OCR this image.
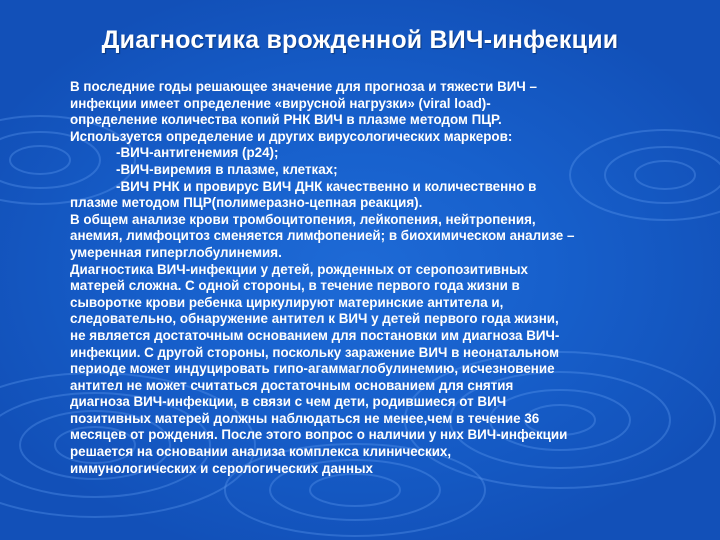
Диагностика врожденной ВИЧ-инфекции
В последние годы решающее значение для прогноза и тяжести ВИЧ –
инфекции имеет определение «вирусной нагрузки» (viral load)-
определение количества копий РНК ВИЧ в плазме методом ПЦР.
Используется определение и других вирусологических маркеров:
-ВИЧ-антигенемия (р24);
-ВИЧ-виремия в плазме, клетках;
-ВИЧ РНК и провирус ВИЧ ДНК качественно и количественно в
плазме методом ПЦР(полимеразно-цепная реакция).
В общем анализе крови тромбоцитопения, лейкопения, нейтропения,
анемия, лимфоцитоз сменяется лимфопенией; в биохимическом анализе –
умеренная гиперглобулинемия.
Диагностика ВИЧ-инфекции у детей, рожденных от серопозитивных
матерей сложна. С одной стороны, в течение первого года жизни в
сыворотке крови ребенка циркулируют материнские антитела и,
следовательно, обнаружение антител к ВИЧ у детей первого года жизни,
не является достаточным основанием для постановки им диагноза ВИЧ-
инфекции. С другой стороны, поскольку заражение ВИЧ в неонатальном
периоде может индуцировать гипо-агаммаглобулинемию, исчезновение
антител не может считаться достаточным основанием для снятия
диагноза ВИЧ-инфекции, в связи с чем дети, родившиеся от ВИЧ
позитивных матерей должны наблюдаться не менее,чем в течение 36
месяцев от рождения. После этого вопрос о наличии у них ВИЧ-инфекции
решается на основании анализа комплекса клинических,
иммунологических и серологических данных
